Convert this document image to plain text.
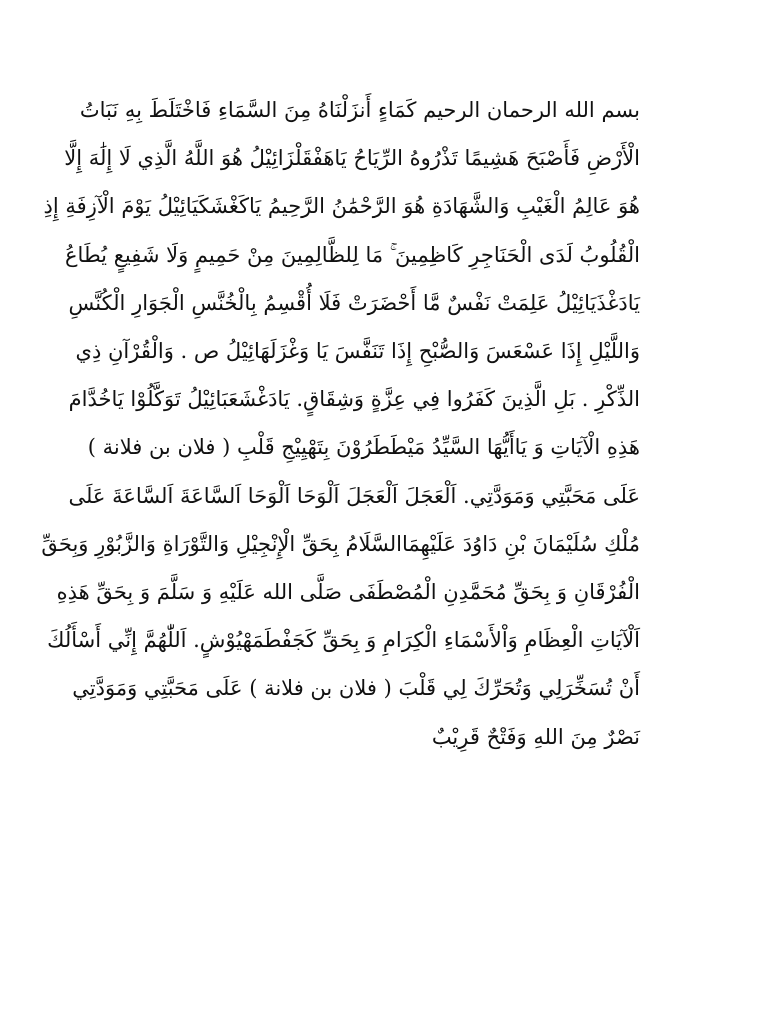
بسم الله الرحمان الرحيم كَمَاءٍ أَنزَلْنَاهُ مِنَ السَّمَاءِ فَاخْتَلَطَ بِهِ نَبَاتُ
الْأَرْضِ فَأَصْبَحَ هَشِيمًا تَذْرُوهُ الرِّيَاحُ يَاهَفْقَلْزَائِيْلُ هُوَ اللَّهُ الَّذِي لَا إِلَٰهَ إِلَّا
هُوَ عَالِمُ الْغَيْبِ وَالشَّهَادَةِ هُوَ الرَّحْمَٰنُ الرَّحِيمُ يَاكَغْشَكَيَائِيْلُ يَوْمَ الْآزِفَةِ إِذِ
الْقُلُوبُ لَدَى الْحَنَاجِرِ كَاظِمِينَ ۚ مَا لِلظَّالِمِينَ مِنْ حَمِيمٍ وَلَا شَفِيعٍ يُطَاعُ
يَادَغْذَيَائِيْلُ عَلِمَتْ نَفْسٌ مَّا أَحْضَرَتْ فَلَا أُقْسِمُ بِالْخُنَّسِ الْجَوَارِ الْكُنَّسِ
وَاللَّيْلِ إِذَا عَسْعَسَ وَالصُّبْحِ إِذَا تَنَفَّسَ يَا وَغْزَلَهَائِيْلُ ص . وَالْقُرْآنِ ذِي
الذِّكْرِ . بَلِ الَّذِينَ كَفَرُوا فِي عِزَّةٍ وَشِقَاقٍ. يَادَغْشَعَبَائِيْلُ تَوَكَّلُوْا يَاخُدَّامَ
هَذِهِ الْآيَاتِ وَ يَاأَيُّهَا السَّيِّدُ مَيْطَطَرُوْنَ بِتَهْيِيْجِ قَلْبِ ( فلان بن فلانة )
عَلَى مَحَبَّتِي وَمَوَدَّتِي. اَلْعَجَلَ اَلْعَجَلَ اَلْوَحَا اَلْوَحَا اَلسَّاعَةَ اَلسَّاعَةَ عَلَى
مُلْكِ سُلَيْمَانَ بْنِ دَاوُدَ عَلَيْهِمَاالسَّلَامُ بِحَقِّ الْإِنْجِيْلِ وَالتَّوْرَاةِ وَالزَّبُوْرِ وَبِحَقِّ
الْفُرْقَانِ وَ بِحَقِّ مُحَمَّدِنِ الْمُصْطَفَى صَلَّى الله عَلَيْهِ وَ سَلَّمَ وَ بِحَقِّ هَذِهِ
اَلْآيَاتِ الْعِظَامِ وَاْلأَسْمَاءِ الْكِرَامِ وَ بِحَقِّ كَجَفْطَمَهْيُوْشٍ. اَللّٰهُمَّ إِنِّي أَسْأَلُكَ
أَنْ تُسَخِّرَلِي وَتُحَرِّكَ لِي قَلْبَ ( فلان بن فلانة ) عَلَى مَحَبَّتِي وَمَوَدَّتِي
نَصْرٌ مِنَ اللهِ وَفَتْحٌ قَرِيْبٌ
